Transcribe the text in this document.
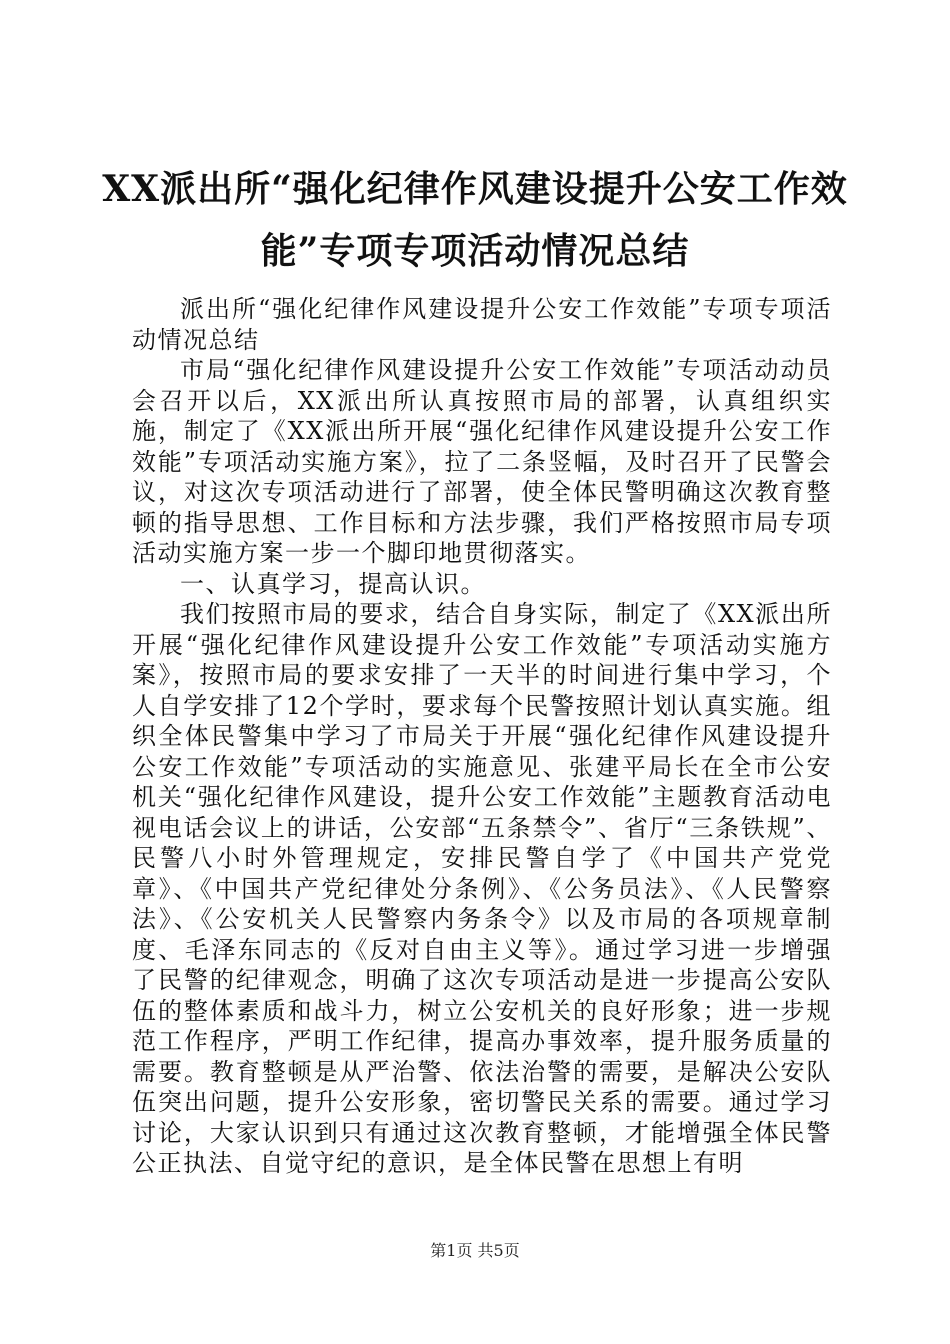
XX派出所“强化纪律作风建设提升公安工作效能”专项专项活动情况总结

派出所“强化纪律作风建设提升公安工作效能”专项专项活动情况总结

市局“强化纪律作风建设提升公安工作效能”专项活动动员会召开以后，XX派出所认真按照市局的部署，认真组织实施，制定了《XX派出所开展“强化纪律作风建设提升公安工作效能”专项活动实施方案》，拉了二条竖幅，及时召开了民警会议，对这次专项活动进行了部署，使全体民警明确这次教育整顿的指导思想、工作目标和方法步骤，我们严格按照市局专项活动实施方案一步一个脚印地贯彻落实。

一、认真学习，提高认识。

我们按照市局的要求，结合自身实际，制定了《XX派出所开展“强化纪律作风建设提升公安工作效能”专项活动实施方案》，按照市局的要求安排了一天半的时间进行集中学习，个人自学安排了12个学时，要求每个民警按照计划认真实施。组织全体民警集中学习了市局关于开展“强化纪律作风建设提升公安工作效能”专项活动的实施意见、张建平局长在全市公安机关“强化纪律作风建设，提升公安工作效能”主题教育活动电视电话会议上的讲话，公安部“五条禁令”、省厅“三条铁规”、民警八小时外管理规定，安排民警自学了《中国共产党党章》、《中国共产党纪律处分条例》、《公务员法》、《人民警察法》、《公安机关人民警察内务条令》以及市局的各项规章制度、毛泽东同志的《反对自由主义等》。通过学习进一步增强了民警的纪律观念，明确了这次专项活动是进一步提高公安队伍的整体素质和战斗力，树立公安机关的良好形象；进一步规范工作程序，严明工作纪律，提高办事效率，提升服务质量的需要。教育整顿是从严治警、依法治警的需要，是解决公安队伍突出问题，提升公安形象，密切警民关系的需要。通过学习讨论，大家认识到只有通过这次教育整顿，才能增强全体民警公正执法、自觉守纪的意识，是全体民警在思想上有明

第1页 共5页
